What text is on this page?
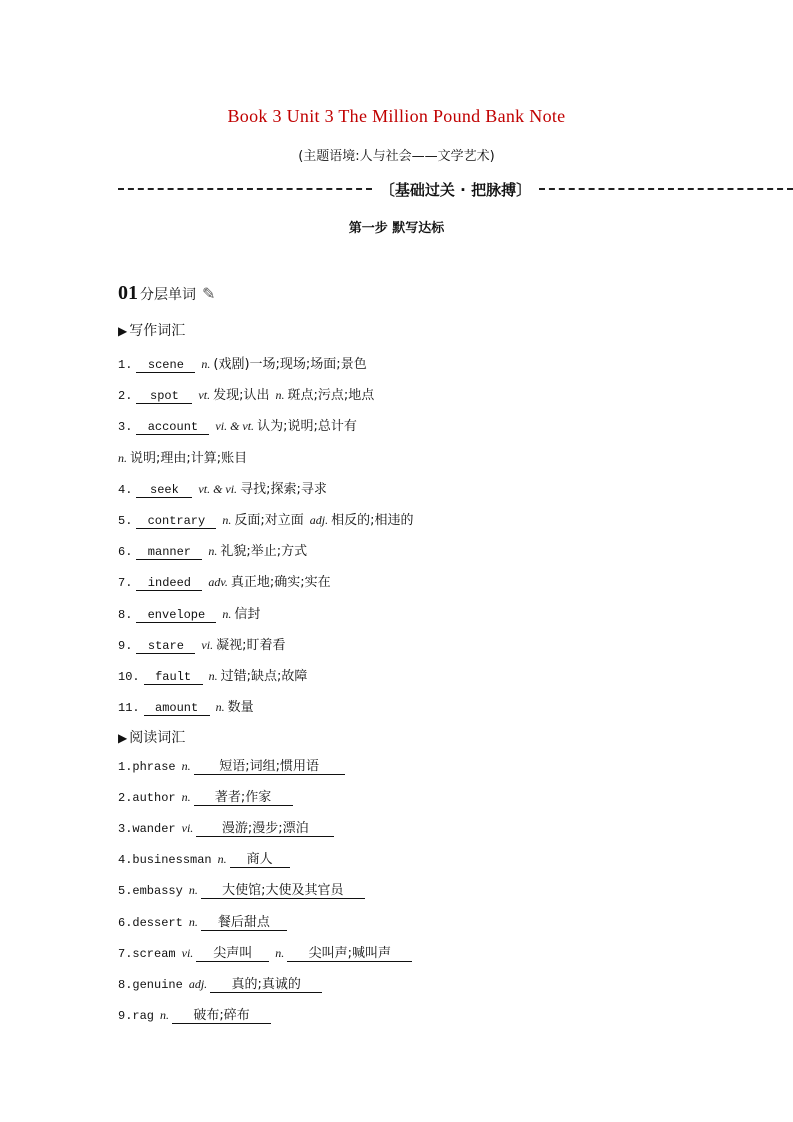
Book 3 Unit 3 The Million Pound Bank Note
(主题语境:人与社会——文学艺术)
〔基础过关 · 把脉搏〕
第一步 默写达标
01 分层单词 ✎
▶ 写作词汇
1. scene n. (戏剧)一场;现场;场面;景色
2. spot vt. 发现;认出 n. 斑点;污点;地点
3. account vi. & vt. 认为;说明;总计有
n. 说明;理由;计算;账目
4. seek vt. & vi. 寻找;探索;寻求
5. contrary n. 反面;对立面 adj. 相反的;相违的
6. manner n. 礼貌;举止;方式
7. indeed adv. 真正地;确实;实在
8. envelope n. 信封
9. stare vi. 凝视;盯着看
10. fault n. 过错;缺点;故障
11. amount n. 数量
▶ 阅读词汇
1.phrase n. 短语;词组;惯用语
2.author n. 著者;作家
3.wander vi. 漫游;漫步;漂泊
4.businessman n. 商人
5.embassy n. 大使馆;大使及其官员
6.dessert n. 餐后甜点
7.scream vi. 尖声叫 n. 尖叫声;喊叫声
8.genuine adj. 真的;真诚的
9.rag n. 破布;碎布
